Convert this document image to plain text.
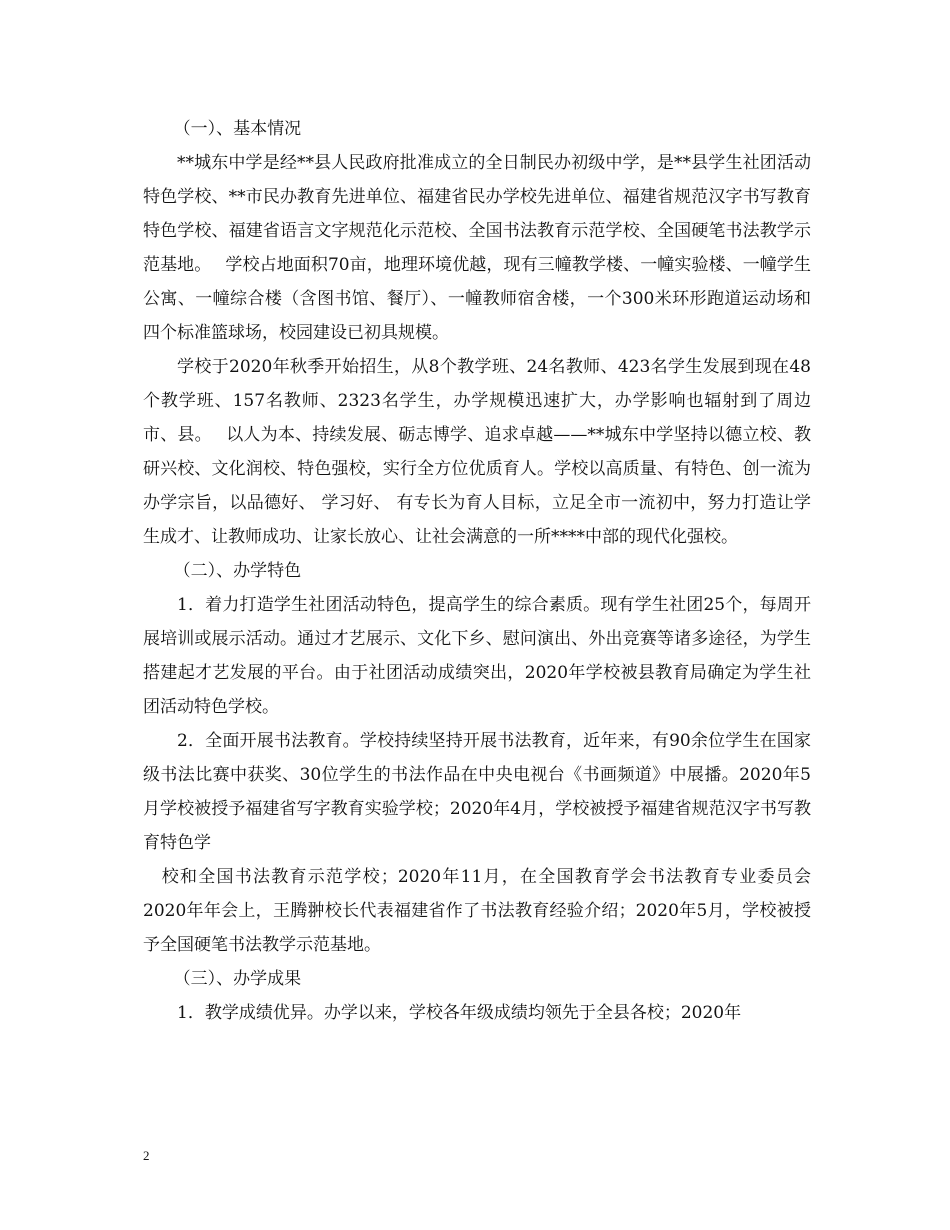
（一）、基本情况

**城东中学是经**县人民政府批准成立的全日制民办初级中学，是**县学生社团活动特色学校、**市民办教育先进单位、福建省民办学校先进单位、福建省规范汉字书写教育特色学校、福建省语言文字规范化示范校、全国书法教育示范学校、全国硬笔书法教学示范基地。　 学校占地面积70亩，地理环境优越，现有三幢教学楼、一幢实验楼、一幢学生公寓、一幢综合楼（含图书馆、餐厅）、一幢教师宿舍楼，一个300米环形跑道运动场和四个标准篮球场，校园建设已初具规模。

学校于2020年秋季开始招生，从8个教学班、24名教师、423名学生发展到现在48个教学班、157名教师、2323名学生，办学规模迅速扩大，办学影响也辐射到了周边市、县。　 以人为本、持续发展、砺志博学、追求卓越——**城东中学坚持以德立校、教研兴校、文化润校、特色强校，实行全方位优质育人。学校以高质量、有特色、创一流为办学宗旨，以品德好、 学习好、 有专长为育人目标，立足全市一流初中，努力打造让学生成才、让教师成功、让家长放心、让社会满意的一所****中部的现代化强校。

（二）、办学特色

1．着力打造学生社团活动特色，提高学生的综合素质。现有学生社团25个，每周开展培训或展示活动。通过才艺展示、文化下乡、慰问演出、外出竞赛等诸多途径，为学生搭建起才艺发展的平台。由于社团活动成绩突出，2020年学校被县教育局确定为学生社团活动特色学校。

2．全面开展书法教育。学校持续坚持开展书法教育，近年来，有90余位学生在国家级书法比赛中获奖、30位学生的书法作品在中央电视台《书画频道》中展播。2020年5月学校被授予福建省写字教育实验学校；2020年4月，学校被授予福建省规范汉字书写教育特色学

校和全国书法教育示范学校；2020年11月，在全国教育学会书法教育专业委员会2020年年会上，王腾翀校长代表福建省作了书法教育经验介绍；2020年5月，学校被授予全国硬笔书法教学示范基地。

（三）、办学成果

1．教学成绩优异。办学以来，学校各年级成绩均领先于全县各校；2020年

2
